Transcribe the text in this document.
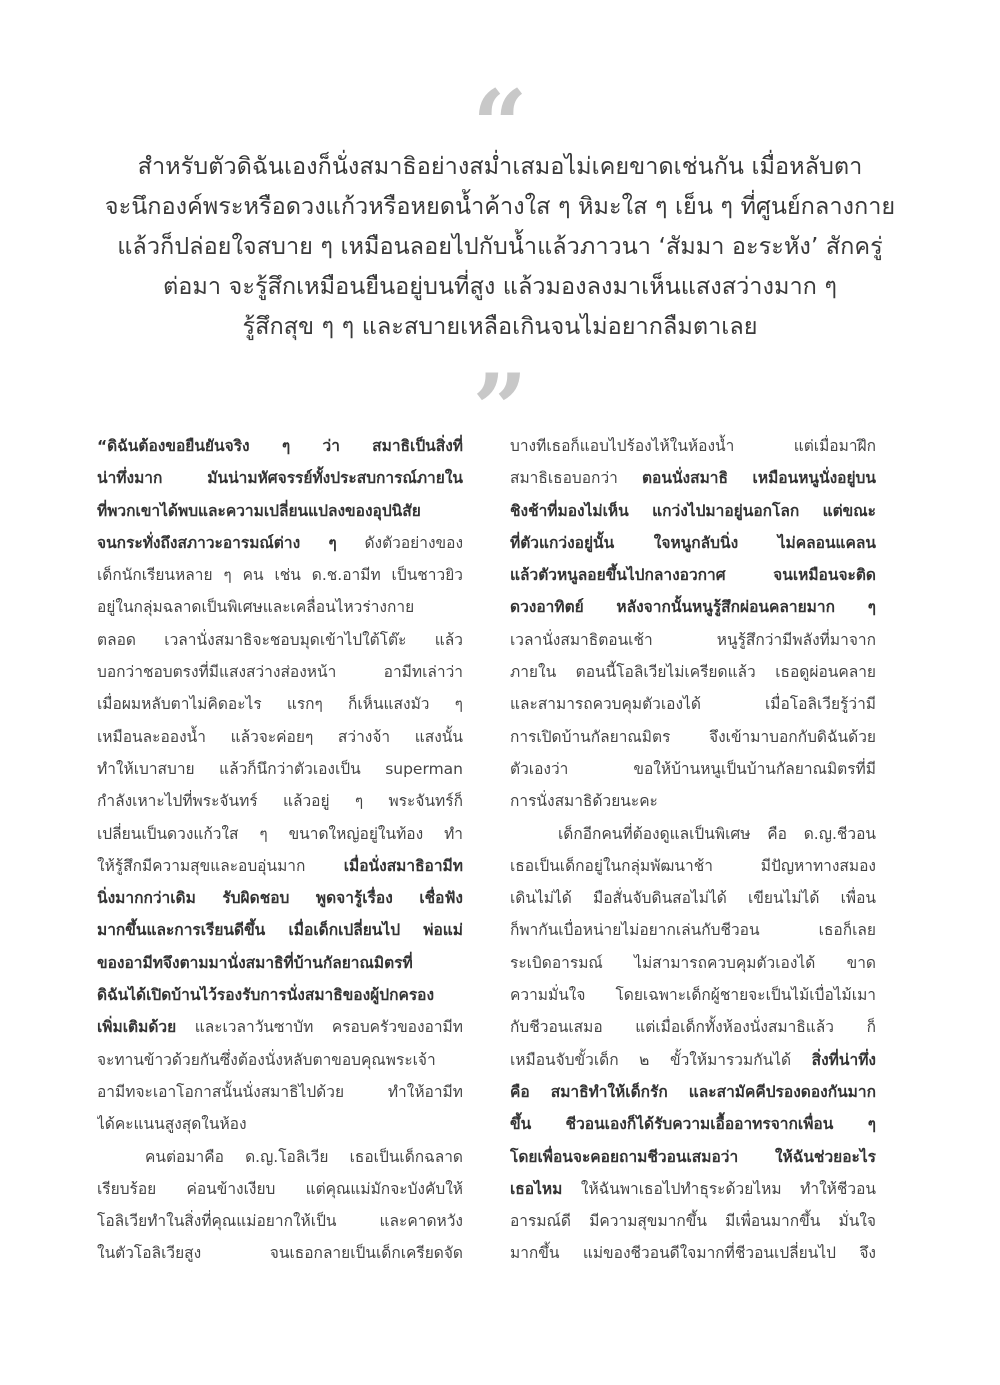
“
สำหรับตัวดิฉันเองก็นั่งสมาธิอย่างสม่ำเสมอไม่เคยขาดเช่นกัน เมื่อหลับตา
จะนึกองค์พระหรือดวงแก้วหรือหยดน้ำค้างใส ๆ หิมะใส ๆ เย็น ๆ ที่ศูนย์กลางกาย
แล้วก็ปล่อยใจสบาย ๆ เหมือนลอยไปกับน้ำแล้วภาวนา ‘สัมมา อะระหัง’ สักครู่
ต่อมา จะรู้สึกเหมือนยืนอยู่บนที่สูง แล้วมองลงมาเห็นแสงสว่างมาก ๆ
รู้สึกสุข ๆ ๆ และสบายเหลือเกินจนไม่อยากลืมตาเลย
”
“ดิฉันต้องขอยืนยันจริง ๆ ว่า สมาธิเป็นสิ่งที่
น่าทึ่งมาก มันน่ามหัศจรรย์ทั้งประสบการณ์ภายใน
ที่พวกเขาได้พบและความเปลี่ยนแปลงของอุปนิสัย
จนกระทั่งถึงสภาวะอารมณ์ต่าง ๆ ดังตัวอย่างของ
เด็กนักเรียนหลาย ๆ คน เช่น ด.ช.อามีท เป็นชาวยิว
อยู่ในกลุ่มฉลาดเป็นพิเศษและเคลื่อนไหวร่างกาย
ตลอด เวลานั่งสมาธิจะชอบมุดเข้าไปใต้โต๊ะ แล้ว
บอกว่าชอบตรงที่มีแสงสว่างส่องหน้า อามีทเล่าว่า
เมื่อผมหลับตาไม่คิดอะไร แรกๆ ก็เห็นแสงมัว ๆ
เหมือนละอองน้ำ แล้วจะค่อยๆ สว่างจ้า แสงนั้น
ทำให้เบาสบาย แล้วก็นึกว่าตัวเองเป็น superman
กำลังเหาะไปที่พระจันทร์ แล้วอยู่ ๆ พระจันทร์ก็
เปลี่ยนเป็นดวงแก้วใส ๆ ขนาดใหญ่อยู่ในท้อง ทำ
ให้รู้สึกมีความสุขและอบอุ่นมาก เมื่อนั่งสมาธิอามีท
นิ่งมากกว่าเดิม รับผิดชอบ พูดจารู้เรื่อง เชื่อฟัง
มากขึ้นและการเรียนดีขึ้น เมื่อเด็กเปลี่ยนไป พ่อแม่
ของอามีทจึงตามมานั่งสมาธิที่บ้านกัลยาณมิตรที่
ดิฉันได้เปิดบ้านไว้รองรับการนั่งสมาธิของผู้ปกครอง
เพิ่มเติมด้วย และเวลาวันซาบัท ครอบครัวของอามีท
จะทานข้าวด้วยกันซึ่งต้องนั่งหลับตาขอบคุณพระเจ้า
อามีทจะเอาโอกาสนั้นนั่งสมาธิไปด้วย ทำให้อามีท
ได้คะแนนสูงสุดในห้อง
คนต่อมาคือ ด.ญ.โอลิเวีย เธอเป็นเด็กฉลาด
เรียบร้อย ค่อนข้างเงียบ แต่คุณแม่มักจะบังคับให้
โอลิเวียทำในสิ่งที่คุณแม่อยากให้เป็น และคาดหวัง
ในตัวโอลิเวียสูง จนเธอกลายเป็นเด็กเครียดจัด
บางทีเธอก็แอบไปร้องไห้ในห้องน้ำ แต่เมื่อมาฝึก
สมาธิเธอบอกว่า ตอนนั่งสมาธิ เหมือนหนูนั่งอยู่บน
ชิงช้าที่มองไม่เห็น แกว่งไปมาอยู่นอกโลก แต่ขณะ
ที่ตัวแกว่งอยู่นั้น ใจหนูกลับนิ่ง ไม่คลอนแคลน
แล้วตัวหนูลอยขึ้นไปกลางอวกาศ จนเหมือนจะติด
ดวงอาทิตย์ หลังจากนั้นหนูรู้สึกผ่อนคลายมาก ๆ
เวลานั่งสมาธิตอนเช้า หนูรู้สึกว่ามีพลังที่มาจาก
ภายใน ตอนนี้โอลิเวียไม่เครียดแล้ว เธอดูผ่อนคลาย
และสามารถควบคุมตัวเองได้ เมื่อโอลิเวียรู้ว่ามี
การเปิดบ้านกัลยาณมิตร จึงเข้ามาบอกกับดิฉันด้วย
ตัวเองว่า ขอให้บ้านหนูเป็นบ้านกัลยาณมิตรที่มี
การนั่งสมาธิด้วยนะคะ
เด็กอีกคนที่ต้องดูแลเป็นพิเศษ คือ ด.ญ.ชีวอน
เธอเป็นเด็กอยู่ในกลุ่มพัฒนาช้า มีปัญหาทางสมอง
เดินไม่ได้ มือสั่นจับดินสอไม่ได้ เขียนไม่ได้ เพื่อน
ก็พากันเบื่อหน่ายไม่อยากเล่นกับชีวอน เธอก็เลย
ระเบิดอารมณ์ ไม่สามารถควบคุมตัวเองได้ ขาด
ความมั่นใจ โดยเฉพาะเด็กผู้ชายจะเป็นไม้เบื่อไม้เมา
กับชีวอนเสมอ แต่เมื่อเด็กทั้งห้องนั่งสมาธิแล้ว ก็
เหมือนจับขั้วเด็ก ๒ ขั้วให้มารวมกันได้ สิ่งที่น่าทึ่ง
คือ สมาธิทำให้เด็กรัก และสามัคคีปรองดองกันมาก
ขึ้น ชีวอนเองก็ได้รับความเอื้ออาทรจากเพื่อน ๆ
โดยเพื่อนจะคอยถามชีวอนเสมอว่า ให้ฉันช่วยอะไร
เธอไหม ให้ฉันพาเธอไปทำธุระด้วยไหม ทำให้ชีวอน
อารมณ์ดี มีความสุขมากขึ้น มีเพื่อนมากขึ้น มั่นใจ
มากขึ้น แม่ของชีวอนดีใจมากที่ชีวอนเปลี่ยนไป จึง
